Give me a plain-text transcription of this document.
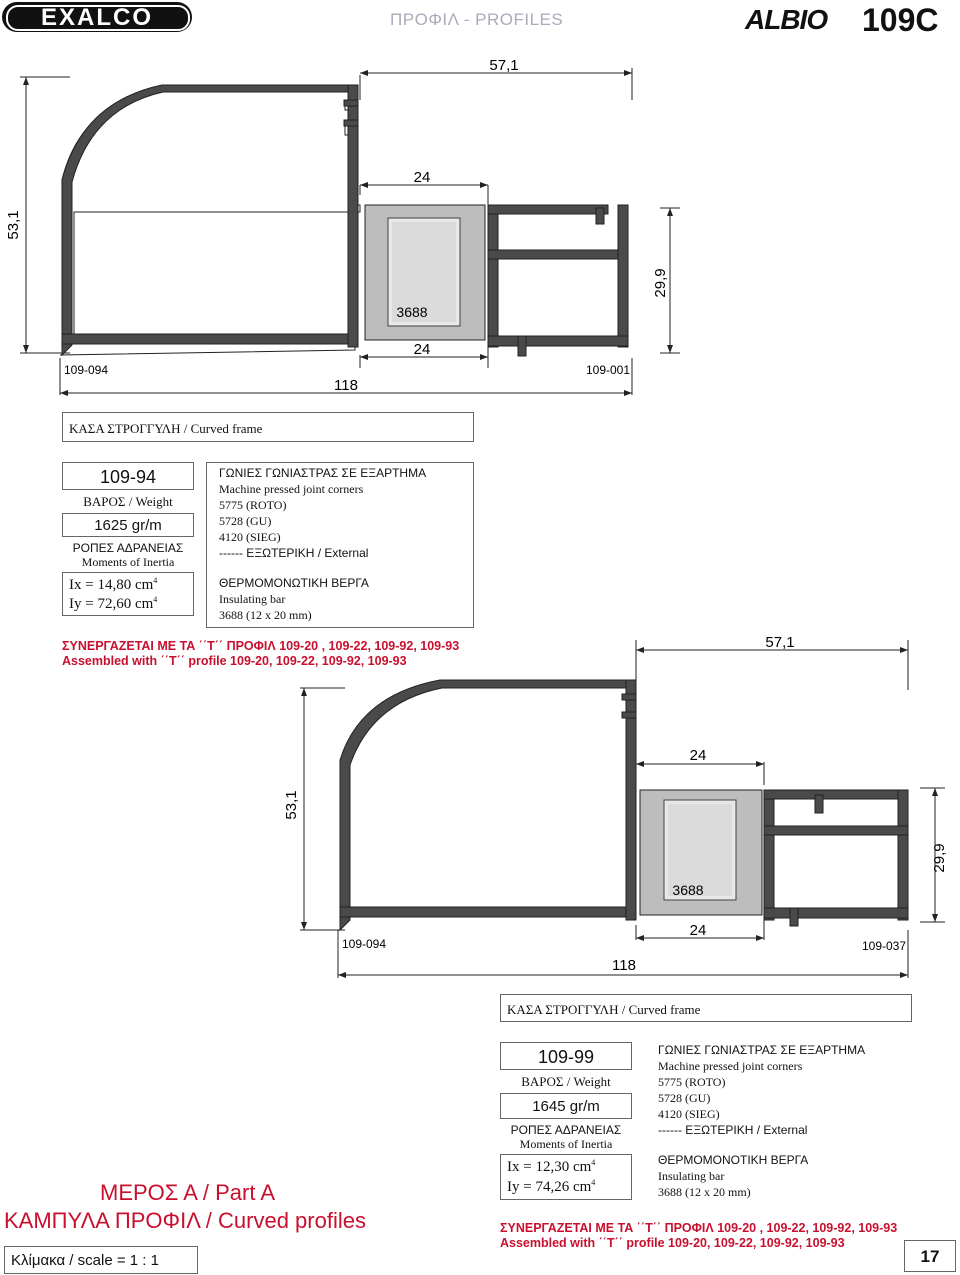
EXALCO	ΠΡΟΦΙΛ - PROFILES	ALBIO 109C
57,1
53,1
24
24
29,9
118
3688
109-094	109-001
ΚΑΣΑ ΣΤΡΟΓΓΥΛΗ / Curved frame
109-94
ΒΑΡΟΣ / Weight
1625 gr/m
ΡΟΠΕΣ ΑΔΡΑΝΕΙΑΣ
Moments of Inertia
Ix = 14,80 $cm^4$
Iy = 72,60 $cm^4$
ΓΩΝΙΕΣ ΓΩΝΙΑΣΤΡΑΣ ΣΕ ΕΞΑΡΤΗΜΑ
Machine pressed joint corners
5775 (ROTO)
5728 (GU)
4120 (SIEG)
------ ΕΞΩΤΕΡΙΚΗ / External
ΘΕΡΜΟΜΟΝΩΤΙΚΗ ΒΕΡΓΑ
Insulating bar
3688 (12 x 20 mm)
ΣΥΝΕΡΓΑΖΕΤΑΙ ΜΕ ΤΑ ΄΄Τ΄΄ ΠΡΟΦΙΛ 109-20 , 109-22, 109-92, 109-93
Assembled with ΄΄T΄΄ profile 109-20, 109-22, 109-92, 109-93
57,1
53,1
24
24
29,9
118
3688
109-094	109-037
ΚΑΣΑ ΣΤΡΟΓΓΥΛΗ / Curved frame
109-99
ΒΑΡΟΣ / Weight
1645 gr/m
ΡΟΠΕΣ ΑΔΡΑΝΕΙΑΣ
Moments of Inertia
Ix = 12,30 $cm^4$
Iy = 74,26 $cm^4$
ΓΩΝΙΕΣ ΓΩΝΙΑΣΤΡΑΣ ΣΕ ΕΞΑΡΤΗΜΑ
Machine pressed joint corners
5775 (ROTO)
5728 (GU)
4120 (SIEG)
------ ΕΞΩΤΕΡΙΚΗ / External
ΘΕΡΜΟΜΟΝΟΤΙΚΗ ΒΕΡΓΑ
Insulating bar
3688 (12 x 20 mm)
ΣΥΝΕΡΓΑΖΕΤΑΙ ΜΕ ΤΑ ΄΄Τ΄΄ ΠΡΟΦΙΛ 109-20 , 109-22, 109-92, 109-93
Assembled with ΄΄T΄΄ profile 109-20, 109-22, 109-92, 109-93
ΜΕΡΟΣ Α / Part A
ΚΑΜΠΥΛΑ ΠΡΟΦΙΛ / Curved profiles
Κλίμακα / scale = 1 : 1	17
